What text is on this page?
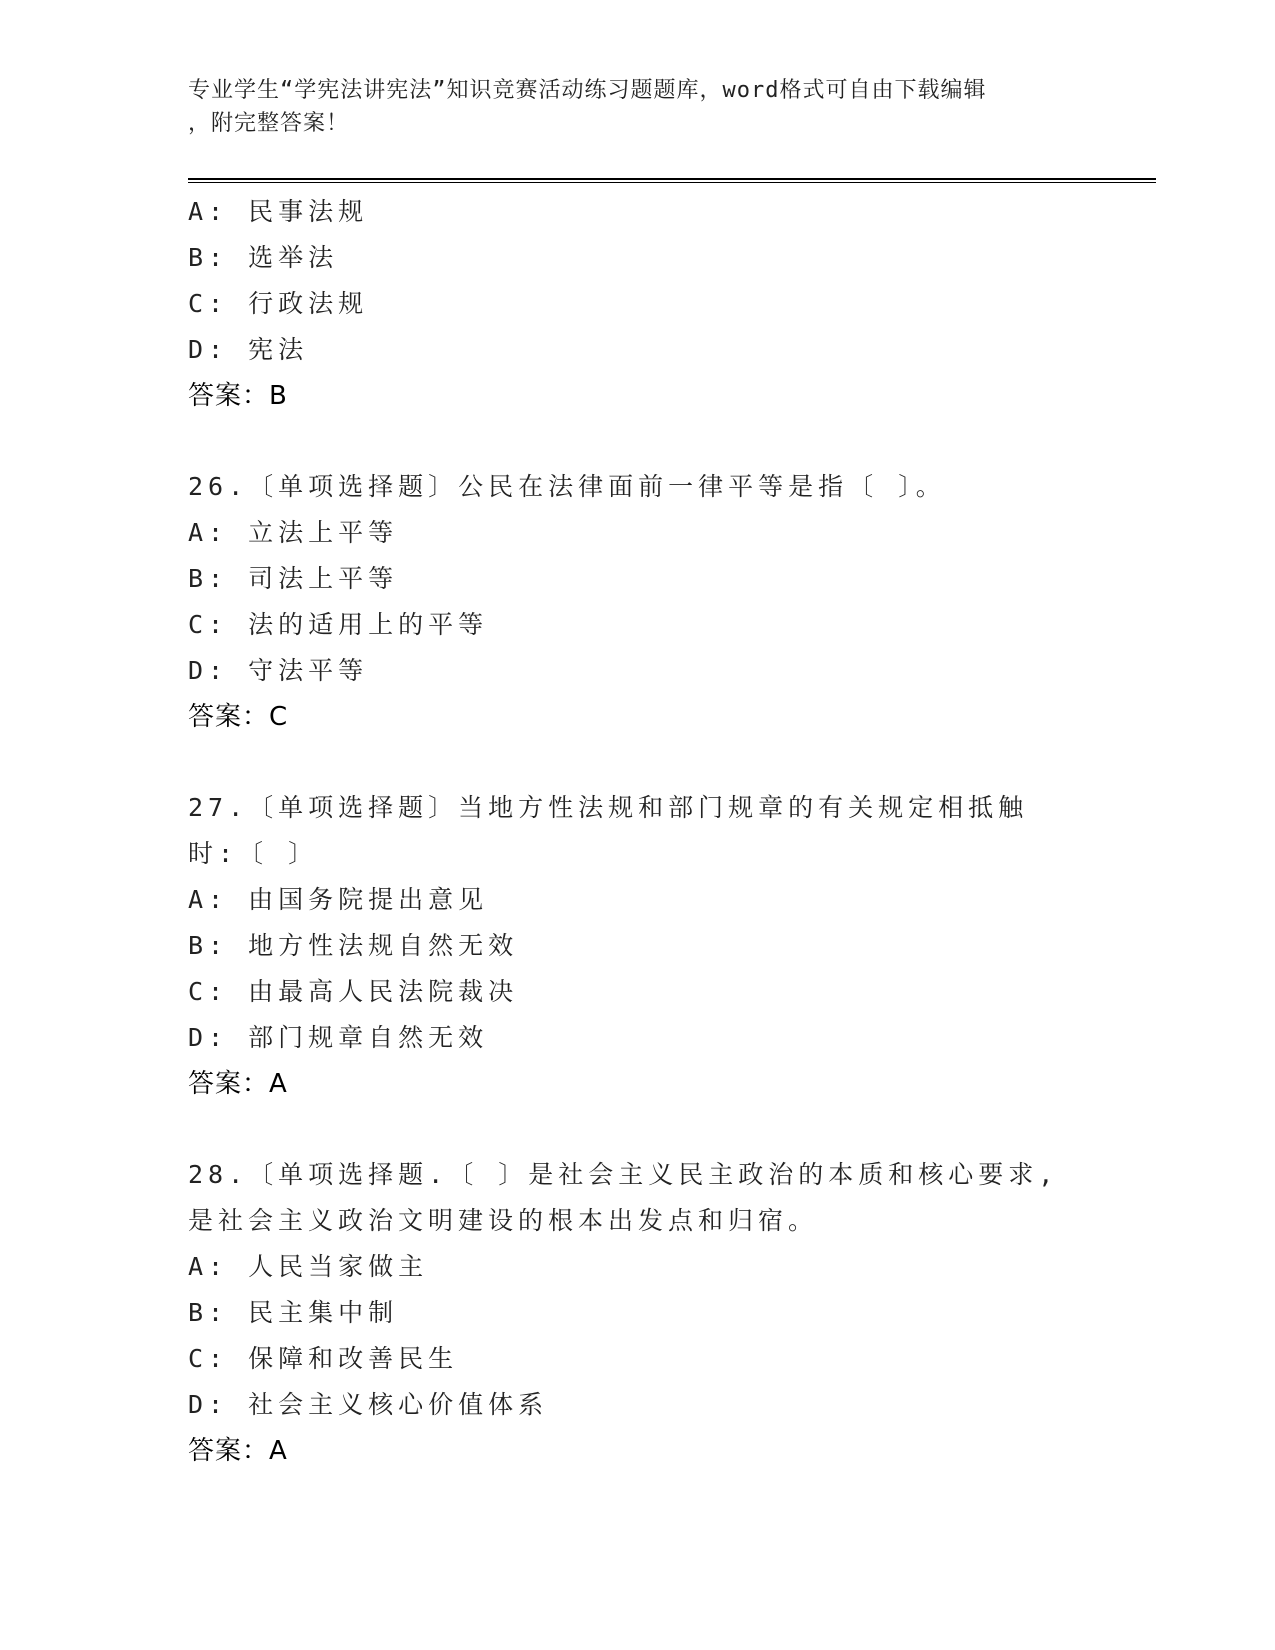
专业学生“学宪法讲宪法”知识竞赛活动练习题题库，word格式可自由下载编辑
，附完整答案！
A: 民事法规
B: 选举法
C: 行政法规
D: 宪法
答案：B
26.〔单项选择题〕公民在法律面前一律平等是指〔 〕。
A: 立法上平等
B: 司法上平等
C: 法的适用上的平等
D: 守法平等
答案：C
27.〔单项选择题〕当地方性法规和部门规章的有关规定相抵触时:〔 〕
A: 由国务院提出意见
B: 地方性法规自然无效
C: 由最高人民法院裁决
D: 部门规章自然无效
答案：A
28.〔单项选择题.〔 〕是社会主义民主政治的本质和核心要求,是社会主义政治文明建设的根本出发点和归宿。
A: 人民当家做主
B: 民主集中制
C: 保障和改善民生
D: 社会主义核心价值体系
答案：A
